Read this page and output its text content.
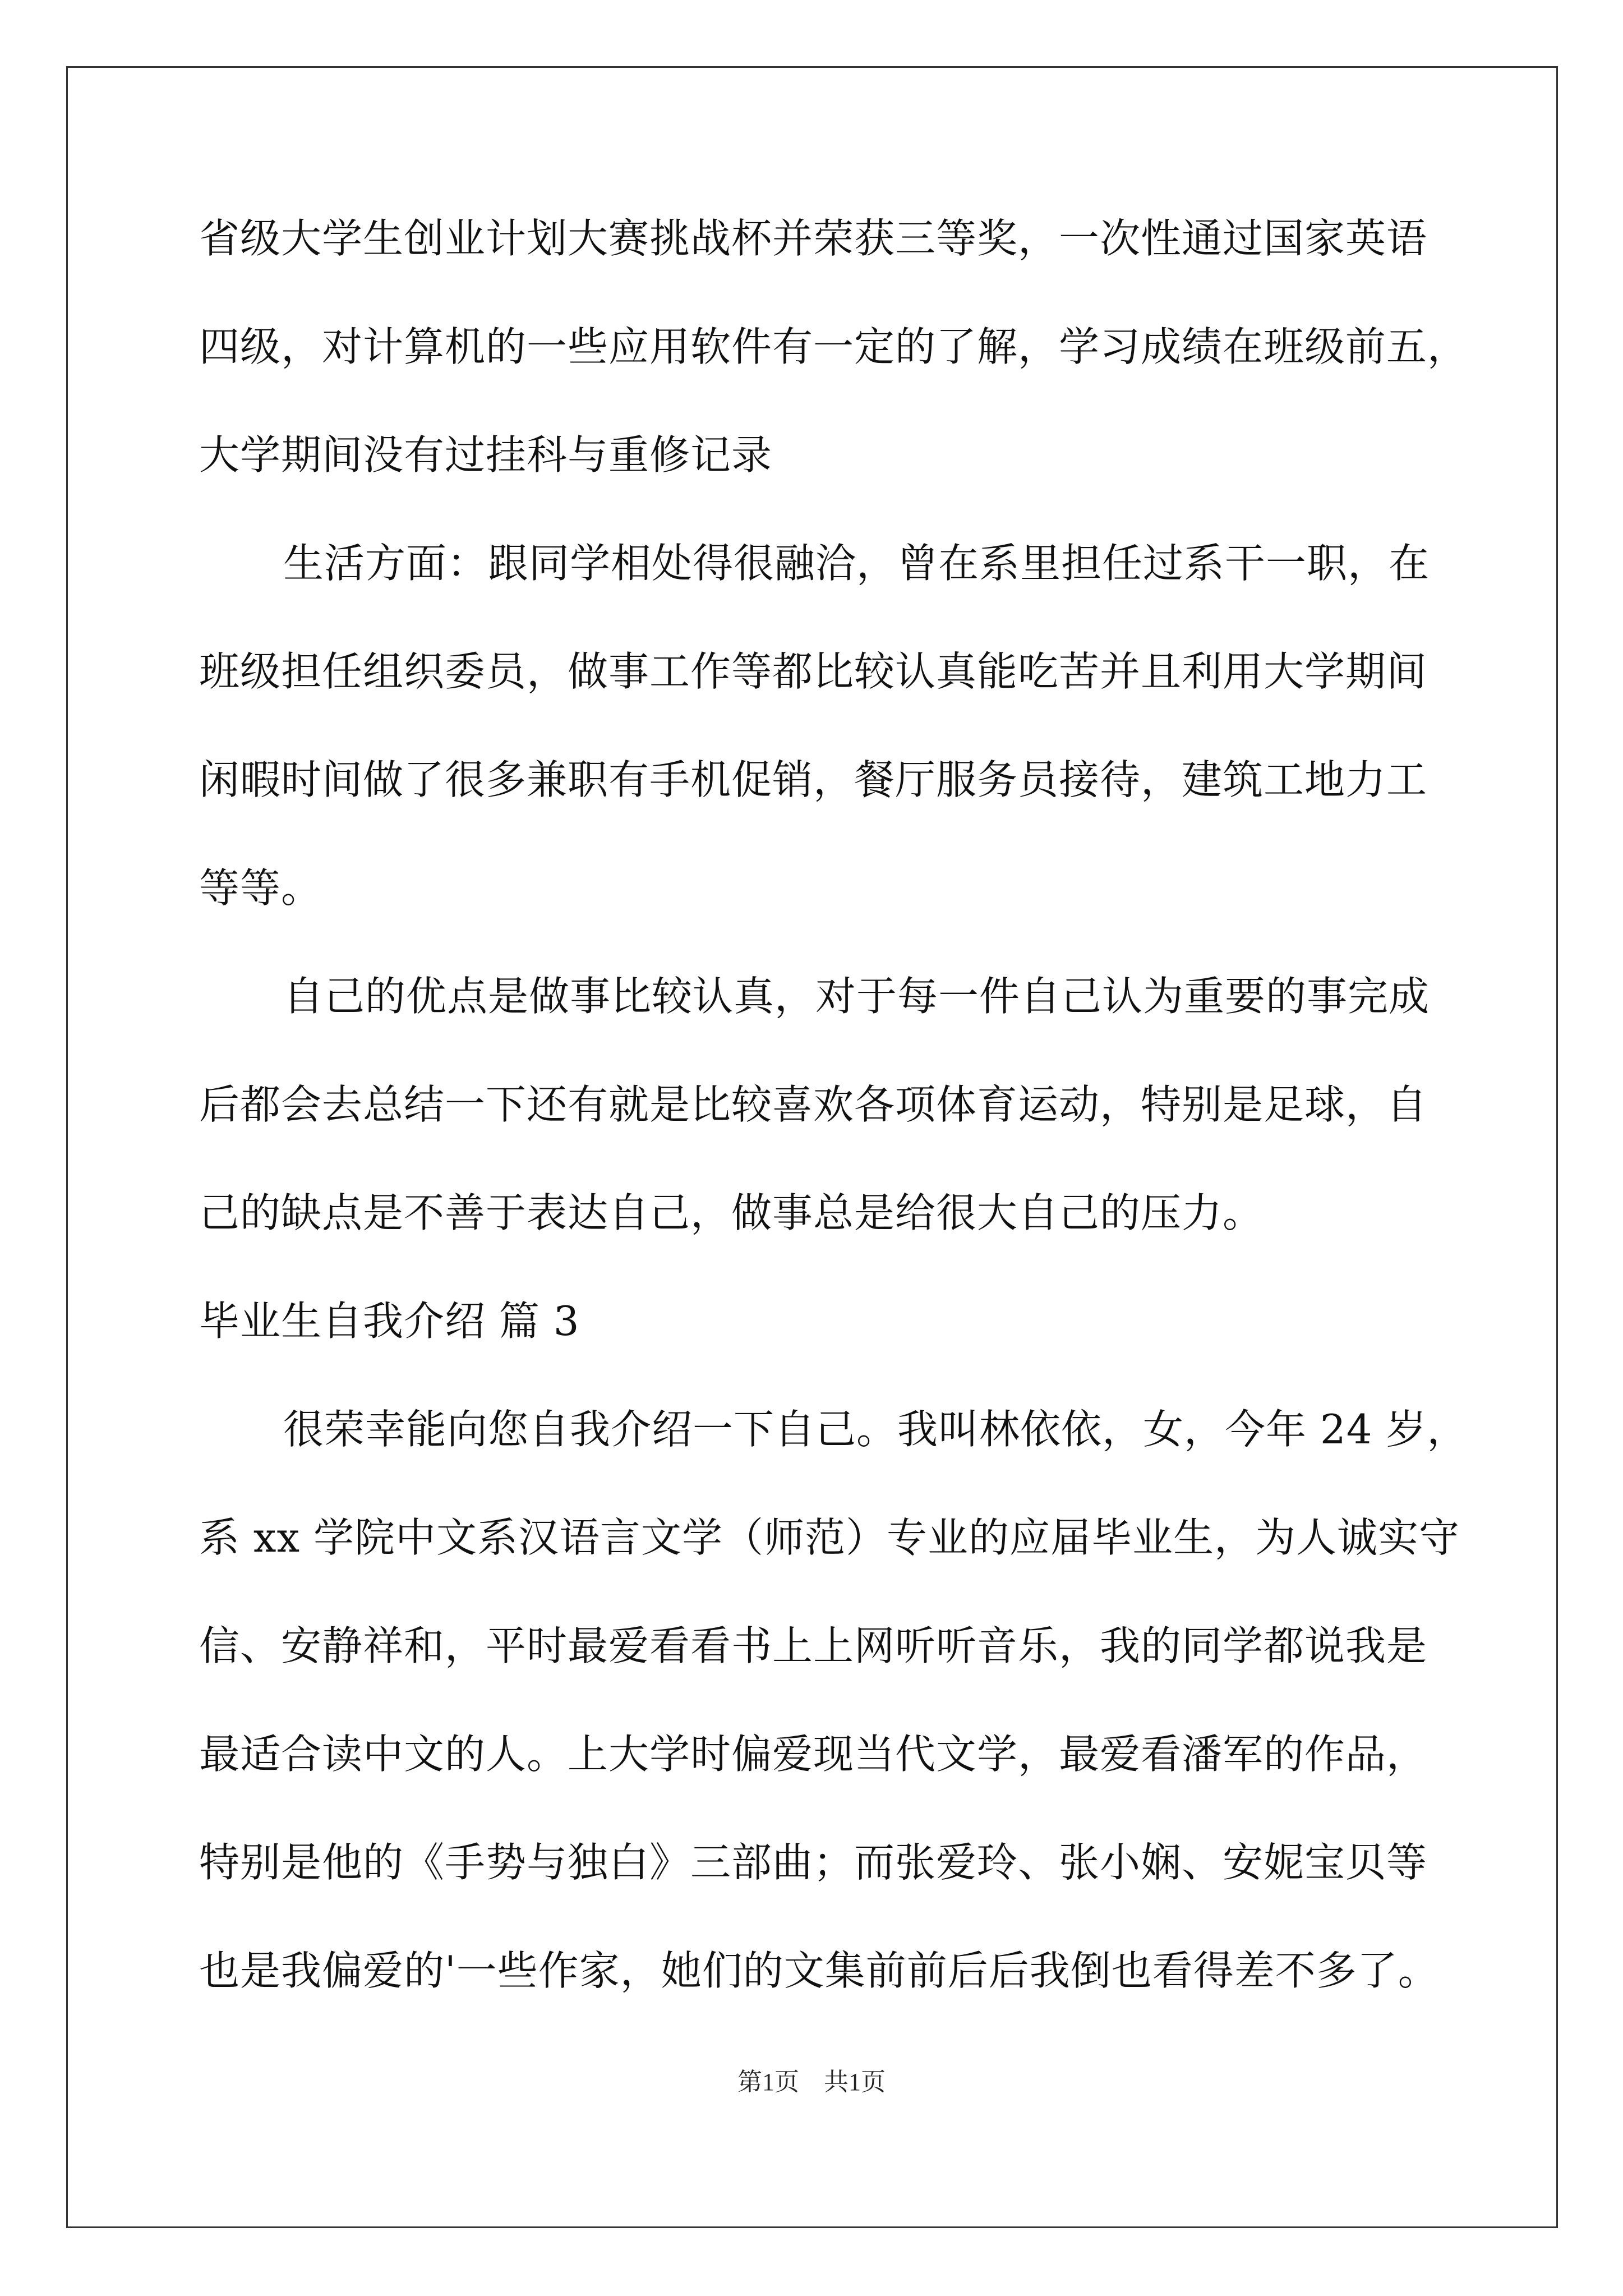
省级大学生创业计划大赛挑战杯并荣获三等奖，一次性通过国家英语
四级，对计算机的一些应用软件有一定的了解，学习成绩在班级前五，
大学期间没有过挂科与重修记录
生活方面：跟同学相处得很融洽，曾在系里担任过系干一职，在
班级担任组织委员，做事工作等都比较认真能吃苦并且利用大学期间
闲暇时间做了很多兼职有手机促销，餐厅服务员接待，建筑工地力工
等等。
自己的优点是做事比较认真，对于每一件自己认为重要的事完成
后都会去总结一下还有就是比较喜欢各项体育运动，特别是足球，自
己的缺点是不善于表达自己，做事总是给很大自己的压力。
毕业生自我介绍 篇 3
很荣幸能向您自我介绍一下自己。我叫林依依，女，今年 24 岁，
系 xx 学院中文系汉语言文学（师范）专业的应届毕业生，为人诚实守
信、安静祥和，平时最爱看看书上上网听听音乐，我的同学都说我是
最适合读中文的人。上大学时偏爱现当代文学，最爱看潘军的作品，
特别是他的《手势与独白》三部曲；而张爱玲、张小娴、安妮宝贝等
也是我偏爱的'一些作家，她们的文集前前后后我倒也看得差不多了。
第1页　共1页
